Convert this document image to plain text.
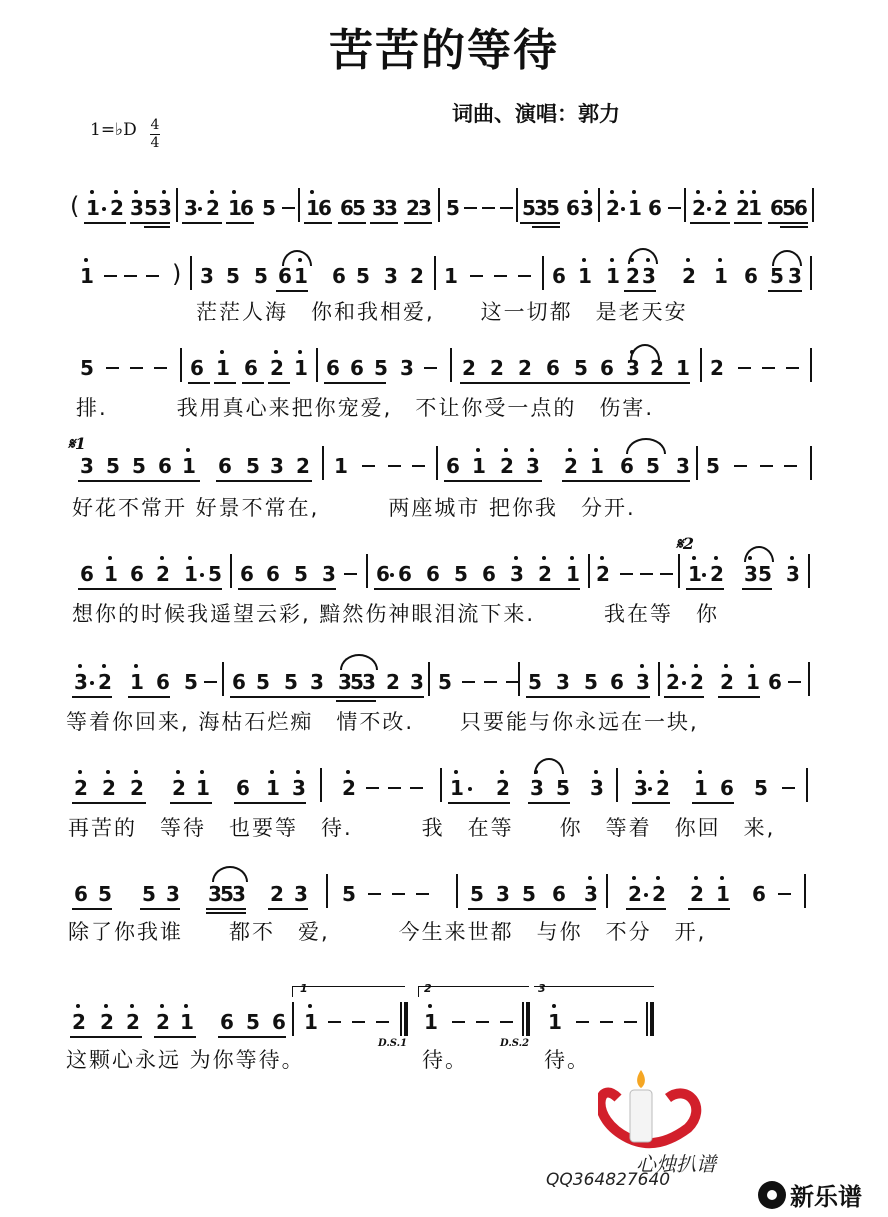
苦苦的等待
词曲、演唱：郭力
1=♭D 4
4
( 1 2 3 5 3 3 2 1
6 5 1
6 6
5 3
3 2
3 5	5
3
5 6 3 2 1 6 2 2 2
1 6
5
6
1	) 3 5 5 6 1 6 5 3 2 1	6 1 1 2 3 2 1 6 5 3
茫茫人海　你和我相爱,　　这一切都　是老天安
5	6 1 6 2 1 6 6 5 3 2 2 2 6 5 6 3 2 1 2
排.　　　我用真心来把你宠爱,　不让你受一点的　伤害.
𝄋1
3 5 5 6 1 6 5 3 2 1	6 1 2 3 2 1 6 5 3 5
好花不常开 好景不常在,　　　两座城市 把你我　分开.
6 1 6 2 1 5 6 6 5 3 6 6 6 5 6 3 2 1 2
𝄋2
1 2 3 5 3
想你的时候我遥望云彩, 黯然伤神眼泪流下来.　　　我在等　你
3 2 1 6 5 6 5 5 3 3
5
3 2 3 5	5 3 5 6 3 2 2 2 1 6
等着你回来, 海枯石烂痴　情不改.　　只要能与你永远在一块,
2 2 2 2 1 6 1 3 2	1 2 3 5 3 3 2 1 6 5
再苦的　等待　也要等　待.　　　我　在等　　你　等着　你回　来,
6 5 5 3 3
5
3 2 3 5	5 3 5 6 3 2 2 2 1 6
除了你我谁　　都不　爱,　　　今生来世都　与你　不分　开,
2 2 2 2 1 6 5 6
1
1
D.S.1
2
1
D.S.2
3
1
这颗心永远 为你等待。	待。	待。
心烛扒谱
QQ364827640
新乐谱
